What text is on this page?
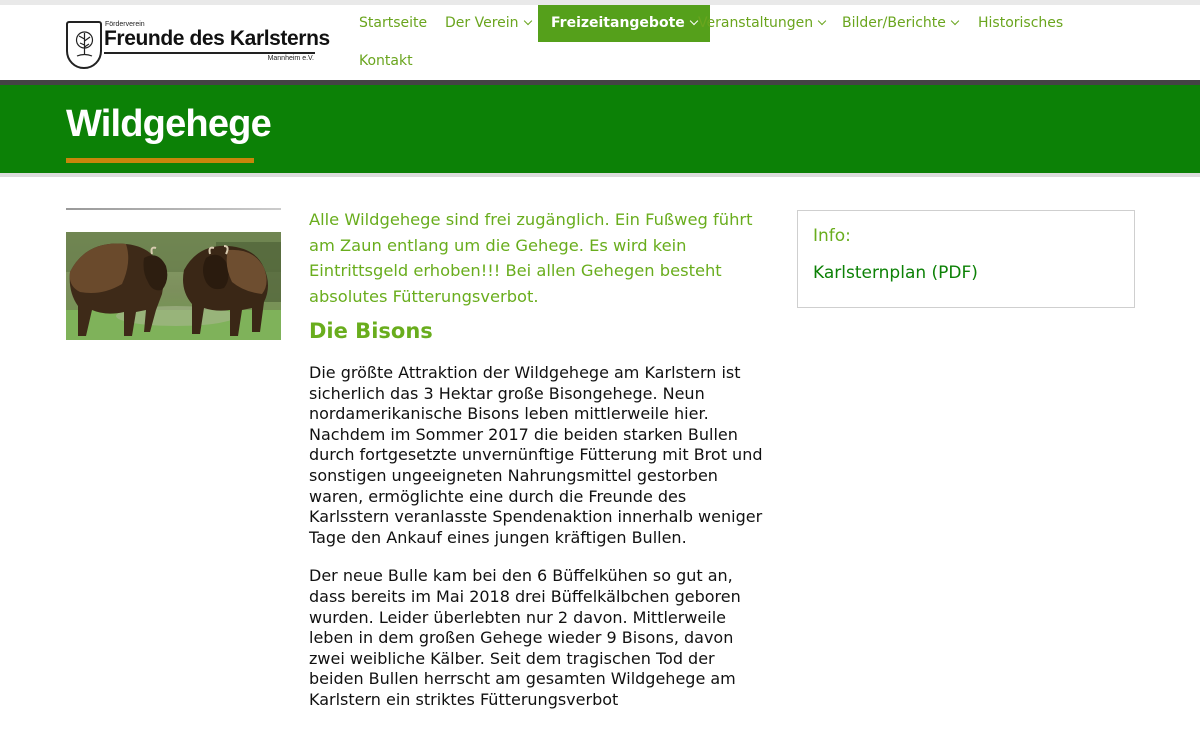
Förderverein
Freunde des Karlsterns
Mannheim e.V.
Startseite	Der Verein	Freizeitangebote Veranstaltungen	Bilder/Berichte	Historisches
Kontakt
Wildgehege

Alle Wildgehege sind frei zugänglich. Ein Fußweg führt am Zaun entlang um die Gehege. Es wird kein Eintrittsgeld erhoben!!! Bei allen Gehegen besteht absolutes Fütterungsverbot.

Die Bisons

Die größte Attraktion der Wildgehege am Karlstern ist sicherlich das 3 Hektar große Bisongehege. Neun nordamerikanische Bisons leben mittlerweile hier. Nachdem im Sommer 2017 die beiden starken Bullen durch fortgesetzte unvernünftige Fütterung mit Brot und sonstigen ungeeigneten Nahrungsmittel gestorben waren, ermöglichte eine durch die Freunde des Karlsstern veranlasste Spendenaktion innerhalb weniger Tage den Ankauf eines jungen kräftigen Bullen.

Der neue Bulle kam bei den 6 Büffelkühen so gut an, dass bereits im Mai 2018 drei Büffelkälbchen geboren wurden. Leider überlebten nur 2 davon. Mittlerweile leben in dem großen Gehege wieder 9 Bisons, davon zwei weibliche Kälber. Seit dem tragischen Tod der beiden Bullen herrscht am gesamten Wildgehege am Karlstern ein striktes Fütterungsverbot

Info:
Karlsternplan (PDF)
